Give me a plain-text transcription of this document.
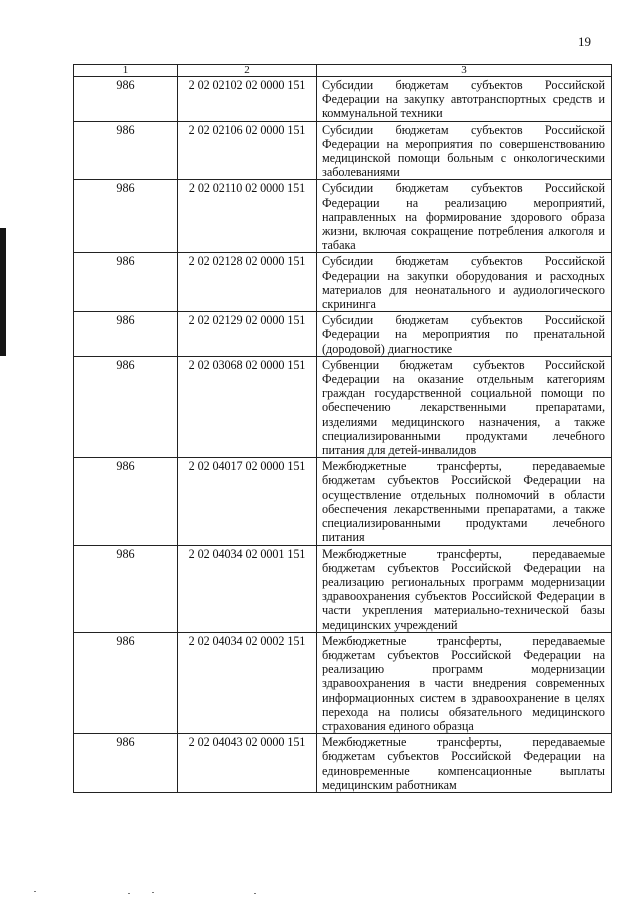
19
1	2	3
986	2 02 02102 02 0000 151	Субсидии бюджетам субъектов Российской Федерации на закупку автотранспортных средств и коммунальной техники
986	2 02 02106 02 0000 151	Субсидии бюджетам субъектов Российской Федерации на мероприятия по совершенствованию медицинской помощи больным с онкологическими заболеваниями
986	2 02 02110 02 0000 151	Субсидии бюджетам субъектов Российской Федерации на реализацию мероприятий, направленных на формирование здорового образа жизни, включая сокращение потребления алкоголя и табака
986	2 02 02128 02 0000 151	Субсидии бюджетам субъектов Российской Федерации на закупки оборудования и расходных материалов для неонатального и аудиологического скрининга
986	2 02 02129 02 0000 151	Субсидии бюджетам субъектов Российской Федерации на мероприятия по пренатальной (дородовой) диагностике
986	2 02 03068 02 0000 151	Субвенции бюджетам субъектов Российской Федерации на оказание отдельным категориям граждан государственной социальной помощи по обеспечению лекарственными препаратами, изделиями медицинского назначения, а также специализированными продуктами лечебного питания для детей-инвалидов
986	2 02 04017 02 0000 151	Межбюджетные трансферты, передаваемые бюджетам субъектов Российской Федерации на осуществление отдельных полномочий в области обеспечения лекарственными препаратами, а также специализированными продуктами лечебного питания
986	2 02 04034 02 0001 151	Межбюджетные трансферты, передаваемые бюджетам субъектов Российской Федерации на реализацию региональных программ модернизации здравоохранения субъектов Российской Федерации в части укрепления материально-технической базы медицинских учреждений
986	2 02 04034 02 0002 151	Межбюджетные трансферты, передаваемые бюджетам субъектов Российской Федерации на реализацию программ модернизации здравоохранения в части внедрения современных информационных систем в здравоохранение в целях перехода на полисы обязательного медицинского страхования единого образца
986	2 02 04043 02 0000 151	Межбюджетные трансферты, передаваемые бюджетам субъектов Российской Федерации на единовременные компенсационные выплаты медицинским работникам
